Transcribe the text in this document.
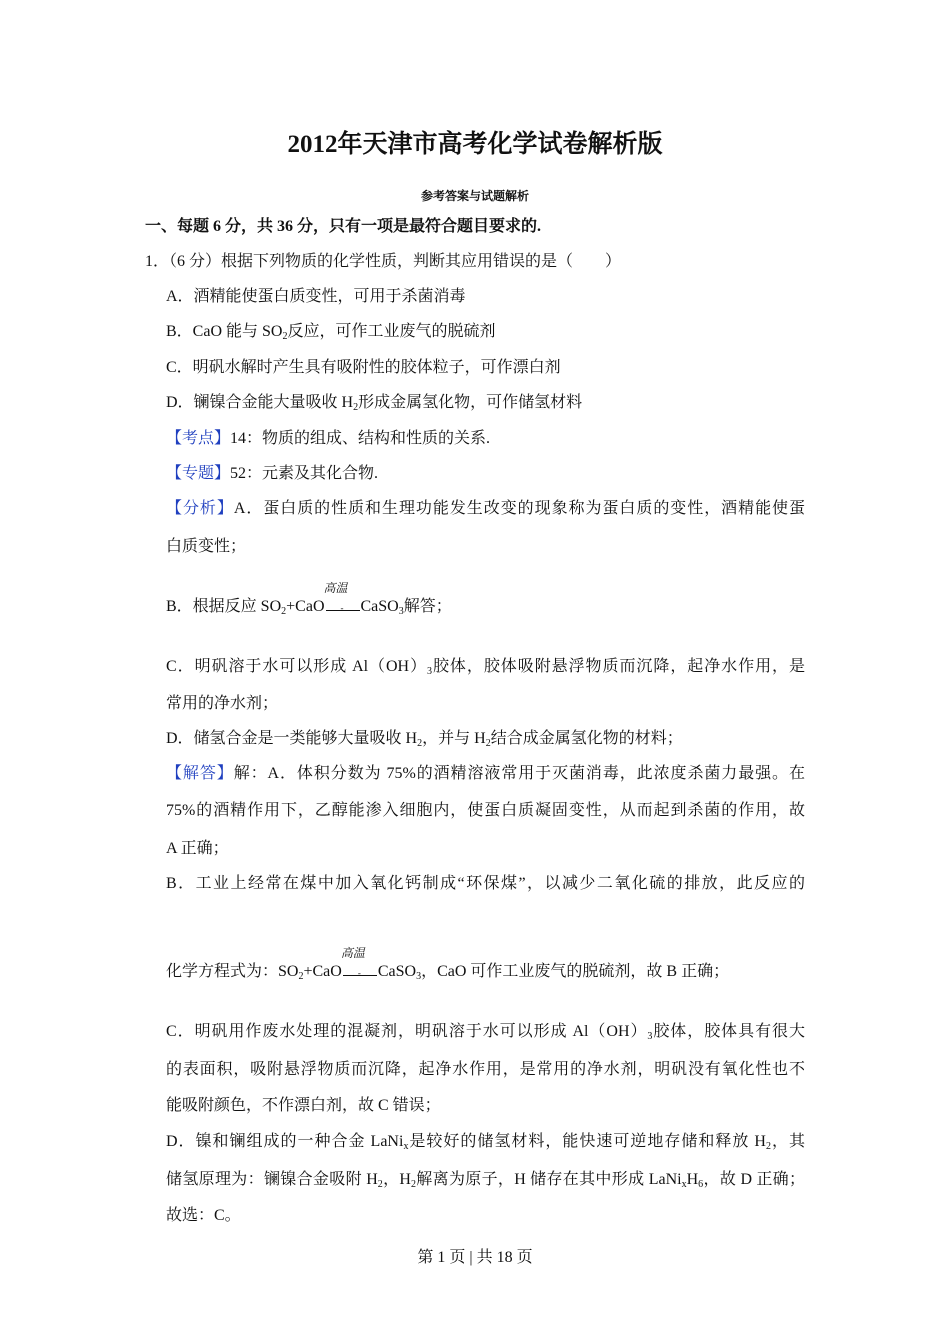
2012年天津市高考化学试卷解析版
参考答案与试题解析
一、每题 6 分，共 36 分，只有一项是最符合题目要求的.
1．（6 分）根据下列物质的化学性质，判断其应用错误的是（　　）
A．酒精能使蛋白质变性，可用于杀菌消毒
B．CaO 能与 $SO_2$反应，可作工业废气的脱硫剂
C．明矾水解时产生具有吸附性的胶体粒子，可作漂白剂
D．镧镍合金能大量吸收 $H_2$形成金属氢化物，可作储氢材料
【考点】14：物质的组成、结构和性质的关系.
【专题】52：元素及其化合物.
【分析】A．蛋白质的性质和生理功能发生改变的现象称为蛋白质的变性，酒精能使蛋
白质变性；
B．根据反应 $SO_2+CaO$
高温
- CaSO$_3$解答；
C．明矾溶于水可以形成 $Al(OH)_3$胶体，胶体吸附悬浮物质而沉降，起净水作用，是
常用的净水剂；
D．储氢合金是一类能够大量吸收 $H_2$，并与 $H_2$结合成金属氢化物的材料；
【解答】解：A．体积分数为 75%的酒精溶液常用于灭菌消毒，此浓度杀菌力最强。在
75%的酒精作用下，乙醇能渗入细胞内，使蛋白质凝固变性，从而起到杀菌的作用，故
A 正确；
B．工业上经常在煤中加入氧化钙制成“环保煤”，以减少二氧化硫的排放，此反应的
化学方程式为：$SO_2+CaO$
高温
- CaSO$_3$，CaO 可作工业废气的脱硫剂，故 B 正确；
C．明矾用作废水处理的混凝剂，明矾溶于水可以形成 $Al(OH)_3$胶体，胶体具有很大
的表面积，吸附悬浮物质而沉降，起净水作用，是常用的净水剂，明矾没有氧化性也不
能吸附颜色，不作漂白剂，故 C 错误；
D．镍和镧组成的一种合金 LaNi$_x$是较好的储氢材料，能快速可逆地存储和释放 $H_2$，其
储氢原理为：镧镍合金吸附 $H_2$，$H_2$解离为原子，H 储存在其中形成 $LaNi_xH_6$，故 D 正确；
故选：C。
第 1 页 | 共 18 页
